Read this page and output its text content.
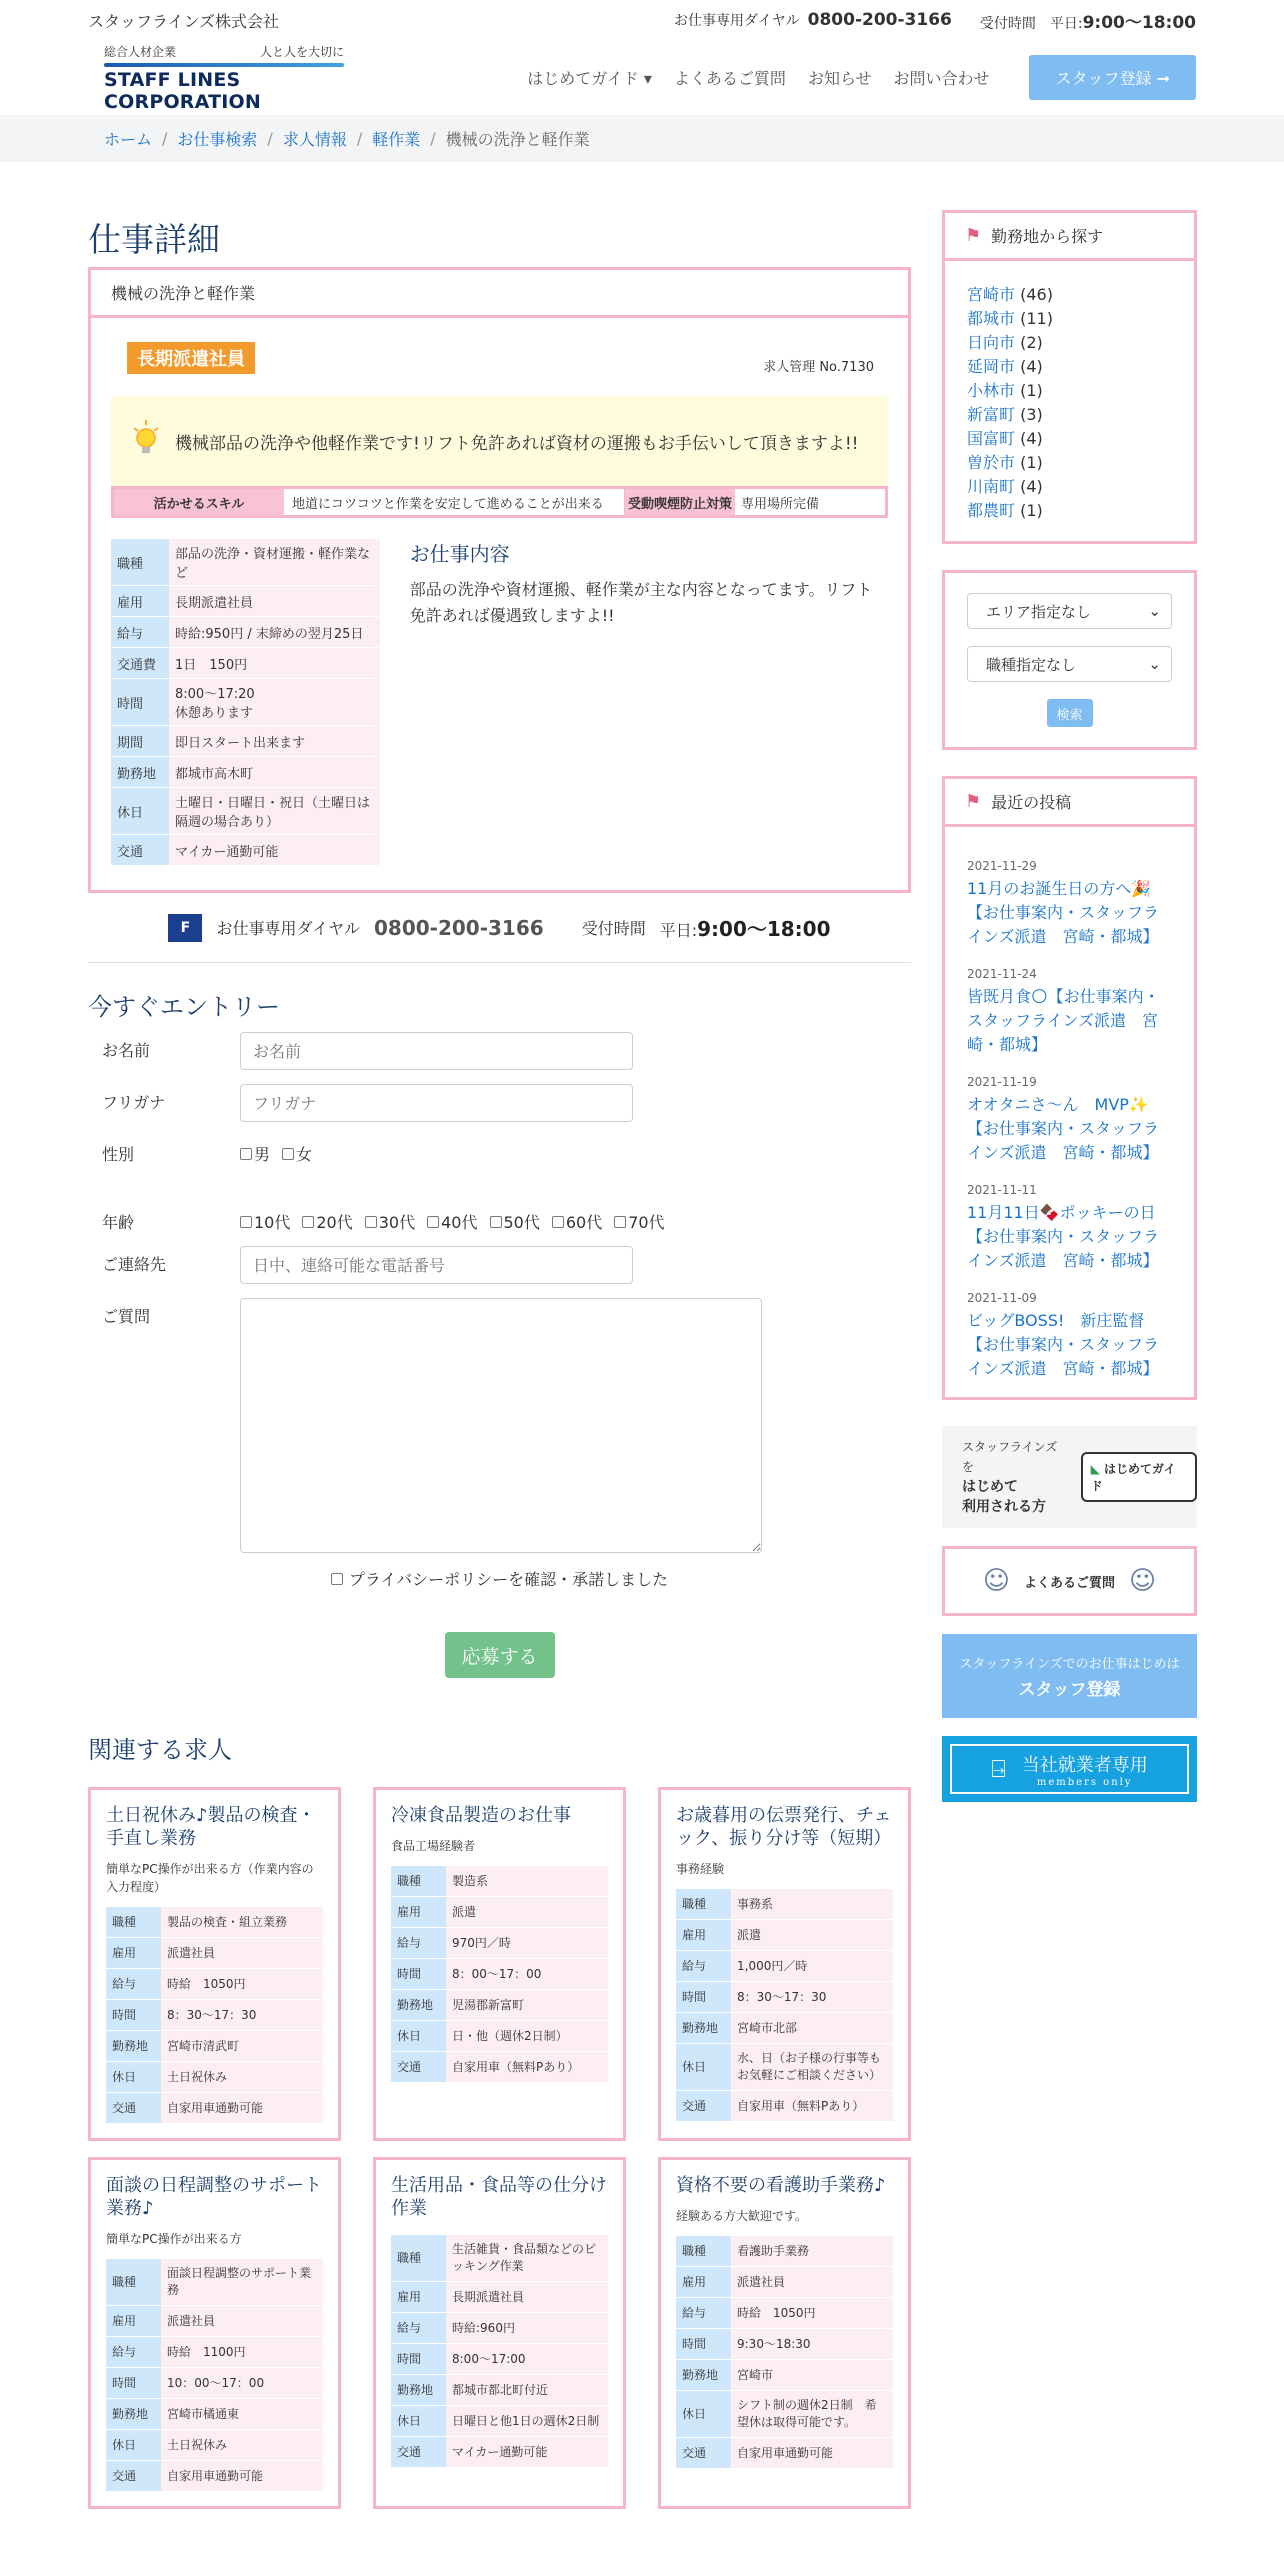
スタッフラインズ株式会社	お仕事専用ダイヤル 0800-200-3166 受付時間　 平日:9:00〜18:00
総合人材企業	人と人を大切に
STAFF LINES CORPORATION
はじめてガイド ▾ よくあるご質問 お知らせ お問い合わせ	スタッフ登録 ➞
ホーム / お仕事検索 / 求人情報 / 軽作業 / 機械の洗浄と軽作業
仕事詳細
機械の洗浄と軽作業
長期派遣社員	求人管理 No.7130
機械部品の洗浄や他軽作業です!リフト免許あれば資材の運搬もお手伝いして頂きますよ!!
活かせるスキル	地道にコツコツと作業を安定して進めることが出来る	受動喫煙防止対策 専用場所完備
職種	部品の洗浄・資材運搬・軽作業など
雇用	長期派遣社員
給与	時給:950円 / 末締めの翌月25日
交通費	1日　150円
時間	8:00〜17:20
休憩あります
期間	即日スタート出来ます
勤務地	都城市高木町
休日	土曜日・日曜日・祝日（土曜日は隔週の場合あり）
交通	マイカー通勤可能
お仕事内容

部品の洗浄や資材運搬、軽作業が主な内容となってます。リフト免許あれば優遇致しますよ!!

F	お仕事専用ダイヤル 0800-200-3166 受付時間 平日:9:00〜18:00
今すぐエントリー
お名前
お名前
フリガナ
フリガナ
性別	男 女
年齢	10代 20代 30代 40代 50代 60代 70代
ご連絡先
日中、連絡可能な電話番号
ご質問
プライバシーポリシーを確認・承諾しました
応募する
関連する求人
土日祝休み♪製品の検査・手直し業務
簡単なPC操作が出来る方（作業内容の入力程度）
職種	製品の検査・組立業務
雇用	派遣社員
給与	時給　1050円
時間	8：30〜17：30
勤務地	宮崎市清武町
休日	土日祝休み
交通	自家用車通勤可能
冷凍食品製造のお仕事
食品工場経験者
職種	製造系
雇用	派遣
給与	970円／時
時間	8：00〜17：00
勤務地	児湯郡新富町
休日	日・他（週休2日制）
交通	自家用車（無料Pあり）
お歳暮用の伝票発行、チェック、振り分け等（短期）
事務経験
職種	事務系
雇用	派遣
給与	1,000円／時
時間	8：30〜17：30
勤務地	宮崎市北部
休日	水、日（お子様の行事等もお気軽にご相談ください）
交通	自家用車（無料Pあり）
面談の日程調整のサポート業務♪
簡単なPC操作が出来る方
職種	面談日程調整のサポート業務
雇用	派遣社員
給与	時給　1100円
時間	10：00〜17：00
勤務地	宮崎市橘通東
休日	土日祝休み
交通	自家用車通勤可能
生活用品・食品等の仕分け作業
職種	生活雑貨・食品類などのピッキング作業
雇用	長期派遣社員
給与	時給:960円
時間	8:00〜17:00
勤務地	都城市都北町付近
休日	日曜日と他1日の週休2日制
交通	マイカー通勤可能
資格不要の看護助手業務♪
経験ある方大歓迎です。
職種	看護助手業務
雇用	派遣社員
給与	時給　1050円
時間	9:30〜18:30
勤務地	宮崎市
休日	シフト制の週休2日制　希望休は取得可能です。
交通	自家用車通勤可能
⚑ 勤務地から探す
宮崎市 (46)
都城市 (11)
日向市 (2)
延岡市 (4)
小林市 (1)
新富町 (3)
国富町 (4)
曽於市 (1)
川南町 (4)
都農町 (1)
エリア指定なし	⌄
職種指定なし	⌄
検索
⚑ 最近の投稿
2021-11-29
11月のお誕生日の方へ🎉【お仕事案内・スタッフラインズ派遣　宮崎・都城】
2021-11-24
皆既月食🌕【お仕事案内・スタッフラインズ派遣　宮崎・都城】
2021-11-19
オオタニさ〜ん　MVP✨【お仕事案内・スタッフラインズ派遣　宮崎・都城】
2021-11-11
11月11日🍫ポッキーの日【お仕事案内・スタッフラインズ派遣　宮崎・都城】
2021-11-09
ビッグBOSS!　新庄監督【お仕事案内・スタッフラインズ派遣　宮崎・都城】
スタッフラインズを
はじめて
利用される方
◣ はじめてガイド
☺ よくあるご質問 ☺
スタッフラインズでのお仕事はじめは
スタッフ登録
⍈ 当社就業者専用
members only
